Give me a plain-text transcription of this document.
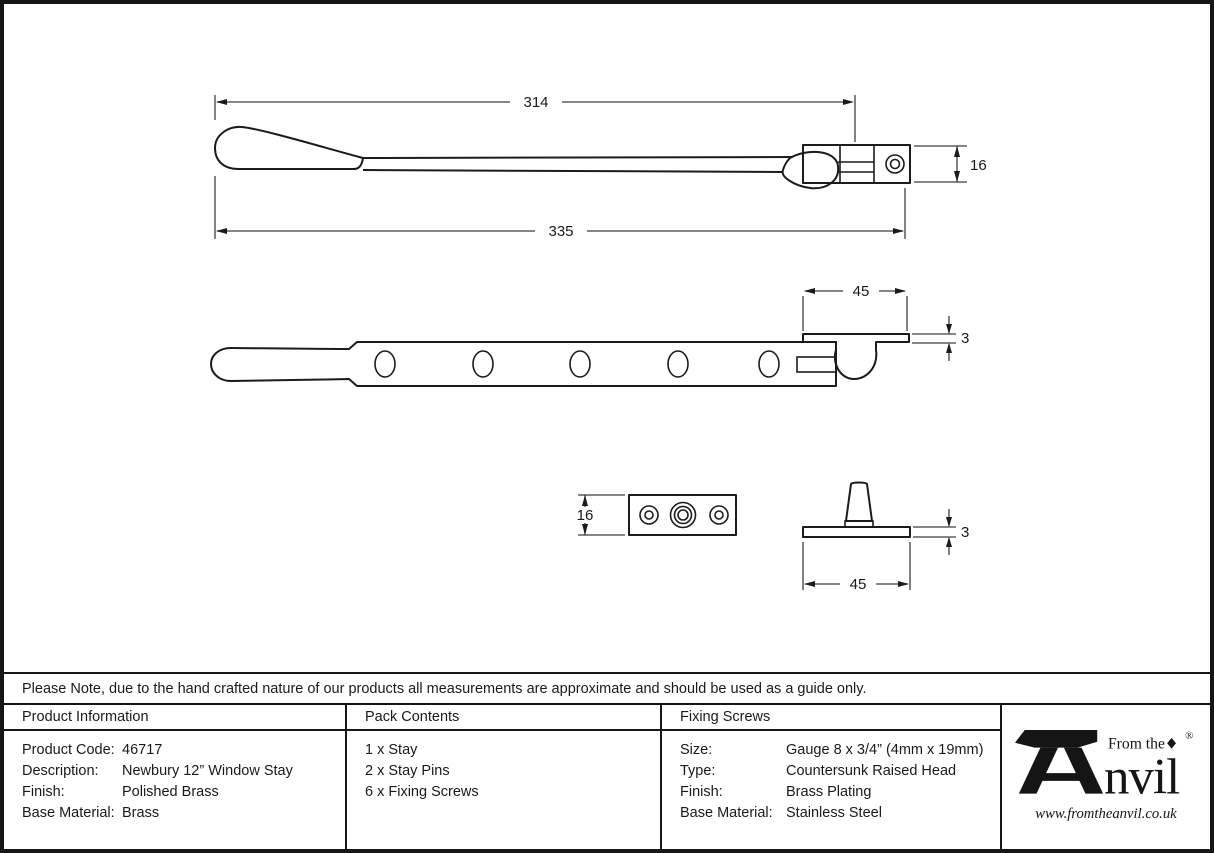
314
335
16
45
3
16
3
45
Please Note, due to the hand crafted nature of our products all measurements are approximate and should be used as a guide only.
Product Information
Product Code: 46717
Description:	Newbury 12” Window Stay
Finish:	Polished Brass
Base Material: Brass
Pack Contents
1 x Stay
2 x Stay Pins
6 x Fixing Screws
Fixing Screws
Size:	Gauge 8 x 3/4” (4mm x 19mm)
Type:	Countersunk Raised Head
Finish:	Brass Plating
Base Material: Stainless Steel
From the ®
nvil
www.fromtheanvil.co.uk
